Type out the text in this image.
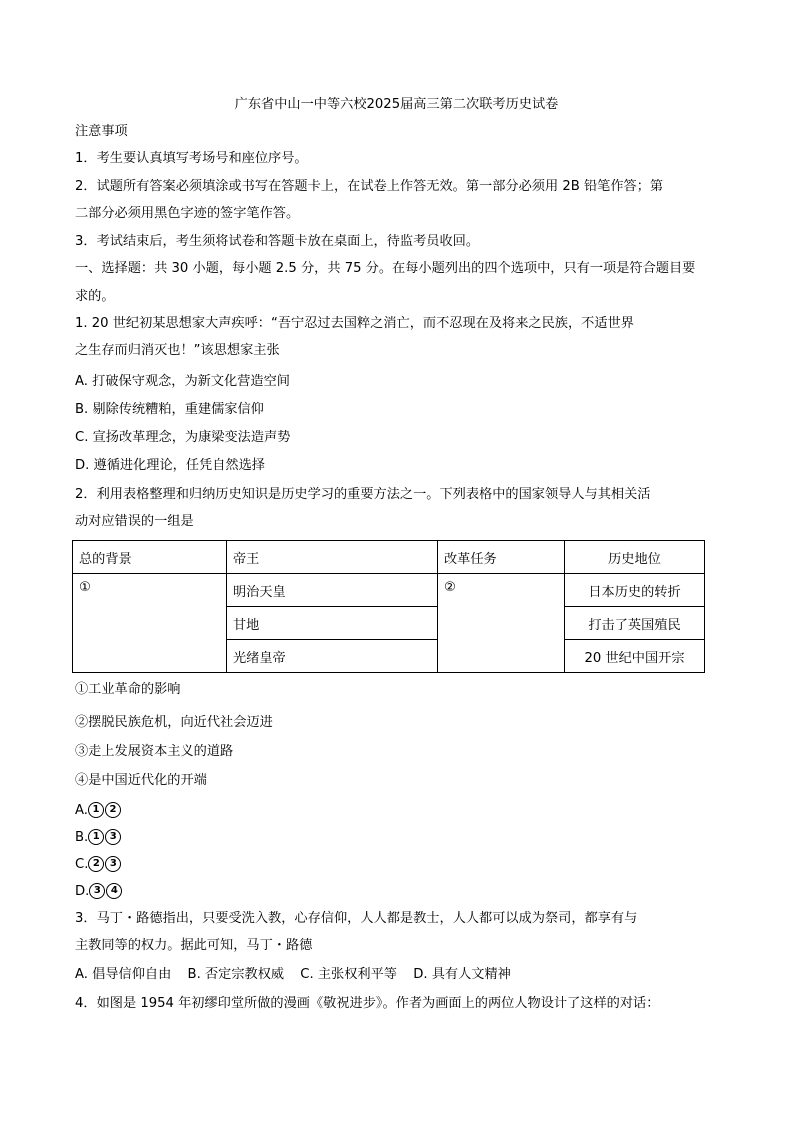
广东省中山一中等六校2025届高三第二次联考历史试卷
注意事项
1．考生要认真填写考场号和座位序号。
2．试题所有答案必须填涂或书写在答题卡上，在试卷上作答无效。第一部分必须用 2B 铅笔作答；第
二部分必须用黑色字迹的签字笔作答。
3．考试结束后，考生须将试卷和答题卡放在桌面上，待监考员收回。
一、选择题：共 30 小题，每小题 2.5 分，共 75 分。在每小题列出的四个选项中，只有一项是符合题目要
求的。
1. 20 世纪初某思想家大声疾呼：“吾宁忍过去国粹之消亡，而不忍现在及将来之民族，不适世界
之生存而归消灭也！”该思想家主张
A. 打破保守观念，为新文化营造空间
B. 剔除传统糟粕，重建儒家信仰
C. 宣扬改革理念，为康梁变法造声势
D. 遵循进化理论，任凭自然选择
2．利用表格整理和归纳历史知识是历史学习的重要方法之一。下列表格中的国家领导人与其相关活
动对应错误的一组是
总的背景	帝王	改革任务	历史地位
①	明治天皇	②	日本历史的转折
	甘地		打击了英国殖民
	光绪皇帝		20 世纪中国开宗
①工业革命的影响
②摆脱民族危机，向近代社会迈进
③走上发展资本主义的道路
④是中国近代化的开端
A. 1 2
B. 1 3
C. 2 3
D. 3 4
3．马丁・路德指出，只要受洗入教，心存信仰，人人都是教士，人人都可以成为祭司，都享有与
主教同等的权力。据此可知，马丁・路德
A. 倡导信仰自由 B. 否定宗教权威 C. 主张权利平等 D. 具有人文精神
4．如图是 1954 年初缪印堂所做的漫画《敬祝进步》。作者为画面上的两位人物设计了这样的对话：
